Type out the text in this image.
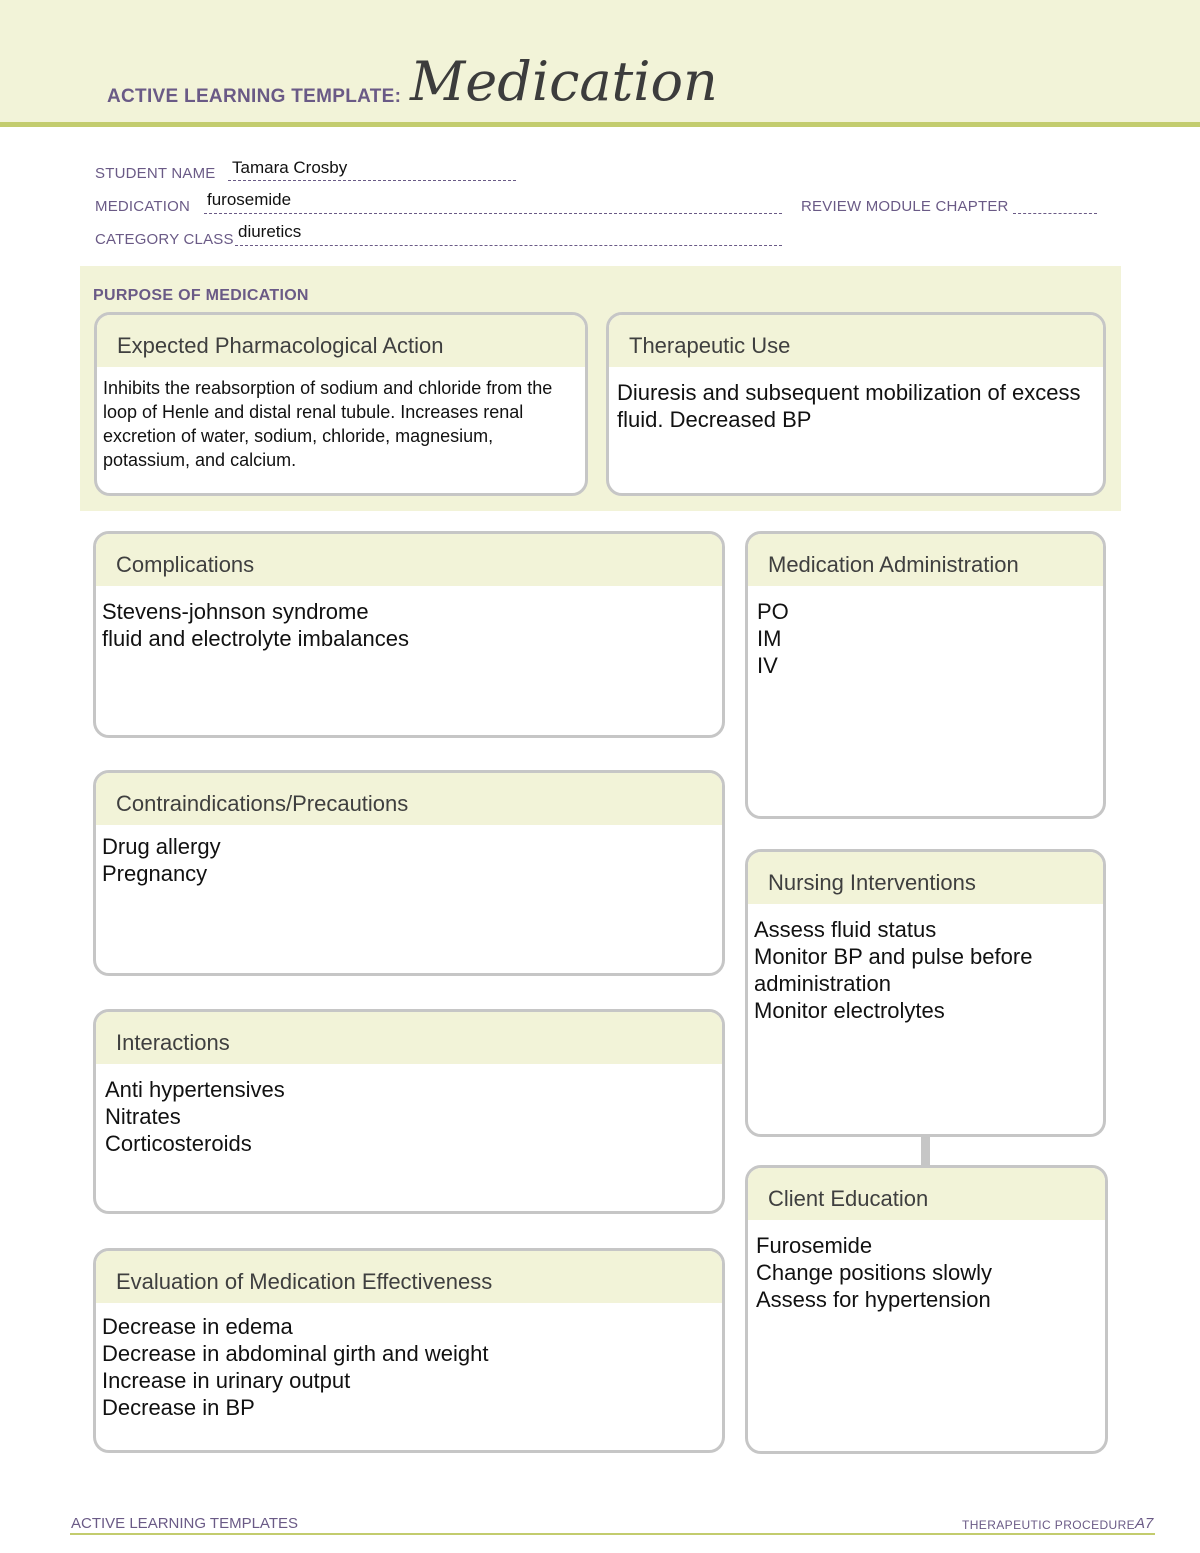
ACTIVE LEARNING TEMPLATE: Medication
STUDENT NAME Tamara Crosby
MEDICATION furosemide	REVIEW MODULE CHAPTER
CATEGORY CLASS diuretics
PURPOSE OF MEDICATION
Expected Pharmacological Action
Inhibits the reabsorption of sodium and chloride from the loop of Henle and distal renal tubule. Increases renal excretion of water, sodium, chloride, magnesium, potassium, and calcium.
Therapeutic Use
Diuresis and subsequent mobilization of excess fluid. Decreased BP
Complications
Stevens-johnson syndrome
fluid and electrolyte imbalances
Contraindications/Precautions
Drug allergy
Pregnancy
Interactions
Anti hypertensives
Nitrates
Corticosteroids
Evaluation of Medication Effectiveness
Decrease in edema
Decrease in abdominal girth and weight
Increase in urinary output
Decrease in BP
Medication Administration
PO
IM
IV
Nursing Interventions
Assess fluid status
Monitor BP and pulse before administration
Monitor electrolytes
Client Education
Furosemide
Change positions slowly
Assess for hypertension
ACTIVE LEARNING TEMPLATES	THERAPEUTIC PROCEDURE A7
